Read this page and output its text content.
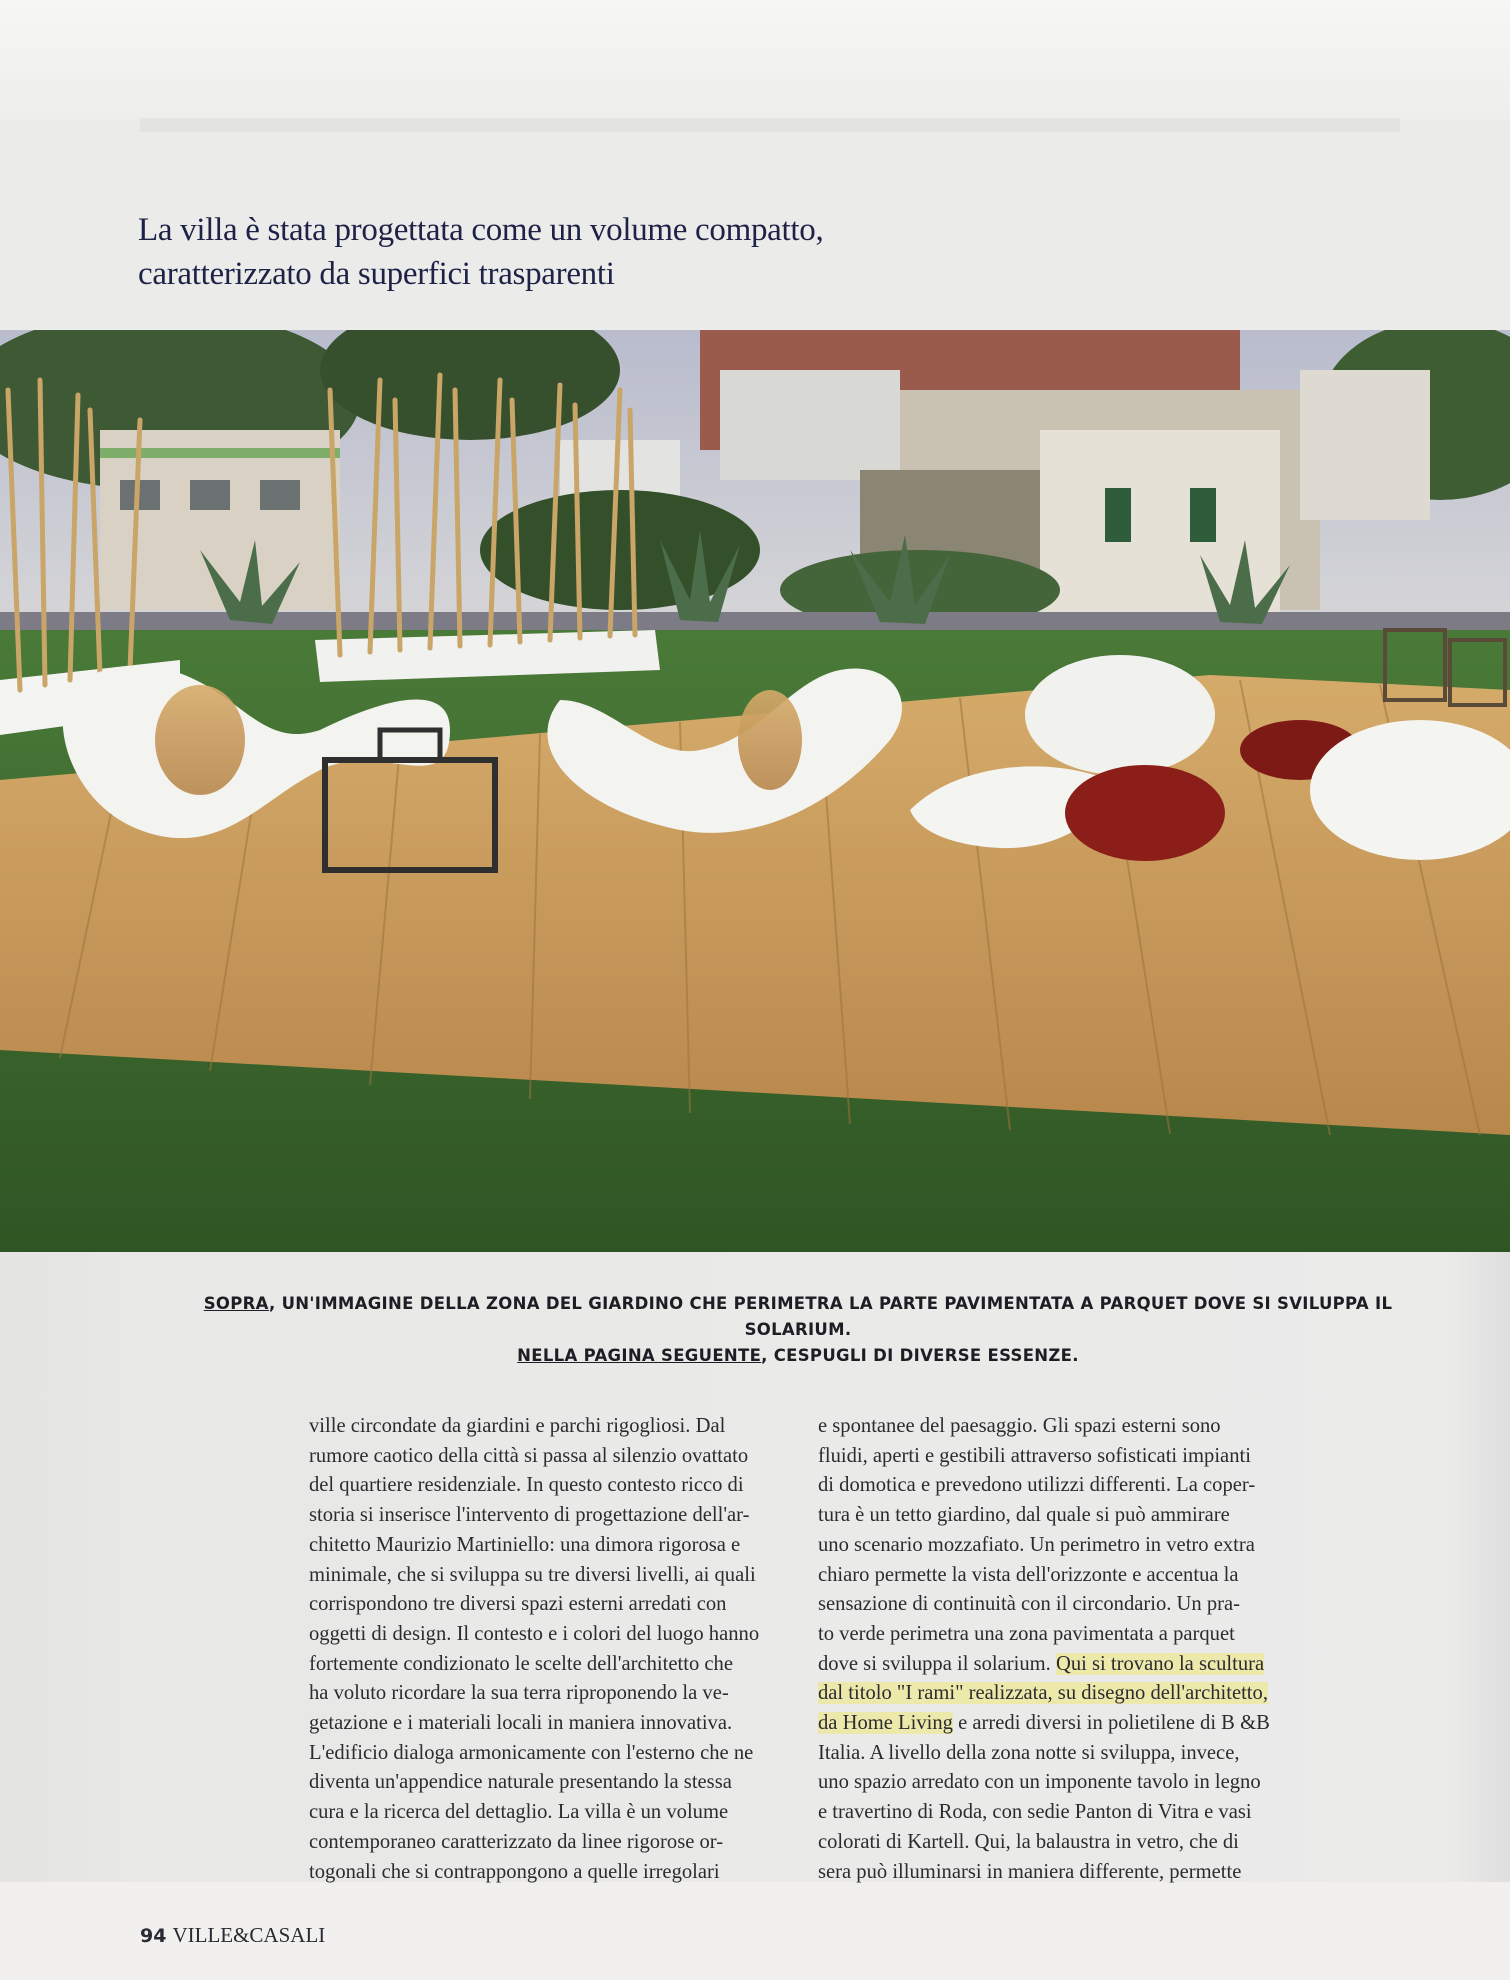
La villa è stata progettata come un volume compatto,
caratterizzato da superfici trasparenti
SOPRA, UN'IMMAGINE DELLA ZONA DEL GIARDINO CHE PERIMETRA LA PARTE PAVIMENTATA A PARQUET DOVE SI SVILUPPA IL SOLARIUM.
NELLA PAGINA SEGUENTE, CESPUGLI DI DIVERSE ESSENZE.

ville circondate da giardini e parchi rigogliosi. Dal

rumore caotico della città si passa al silenzio ovattato

del quartiere residenziale. In questo contesto ricco di

storia si inserisce l'intervento di progettazione dell'ar-

chitetto Maurizio Martiniello: una dimora rigorosa e

minimale, che si sviluppa su tre diversi livelli, ai quali

corrispondono tre diversi spazi esterni arredati con

oggetti di design. Il contesto e i colori del luogo hanno

fortemente condizionato le scelte dell'architetto che

ha voluto ricordare la sua terra riproponendo la ve-

getazione e i materiali locali in maniera innovativa.

L'edificio dialoga armonicamente con l'esterno che ne

diventa un'appendice naturale presentando la stessa

cura e la ricerca del dettaglio. La villa è un volume

contemporaneo caratterizzato da linee rigorose or-

togonali che si contrappongono a quelle irregolari

e spontanee del paesaggio. Gli spazi esterni sono

fluidi, aperti e gestibili attraverso sofisticati impianti

di domotica e prevedono utilizzi differenti. La coper-

tura è un tetto giardino, dal quale si può ammirare

uno scenario mozzafiato. Un perimetro in vetro extra

chiaro permette la vista dell'orizzonte e accentua la

sensazione di continuità con il circondario. Un pra-

to verde perimetra una zona pavimentata a parquet

dove si sviluppa il solarium. Qui si trovano la scultura

dal titolo "I rami" realizzata, su disegno dell'architetto,

da Home Living e arredi diversi in polietilene di B &B

Italia. A livello della zona notte si sviluppa, invece,

uno spazio arredato con un imponente tavolo in legno

e travertino di Roda, con sedie Panton di Vitra e vasi

colorati di Kartell. Qui, la balaustra in vetro, che di

sera può illuminarsi in maniera differente, permette

94 VILLE&CASALI
